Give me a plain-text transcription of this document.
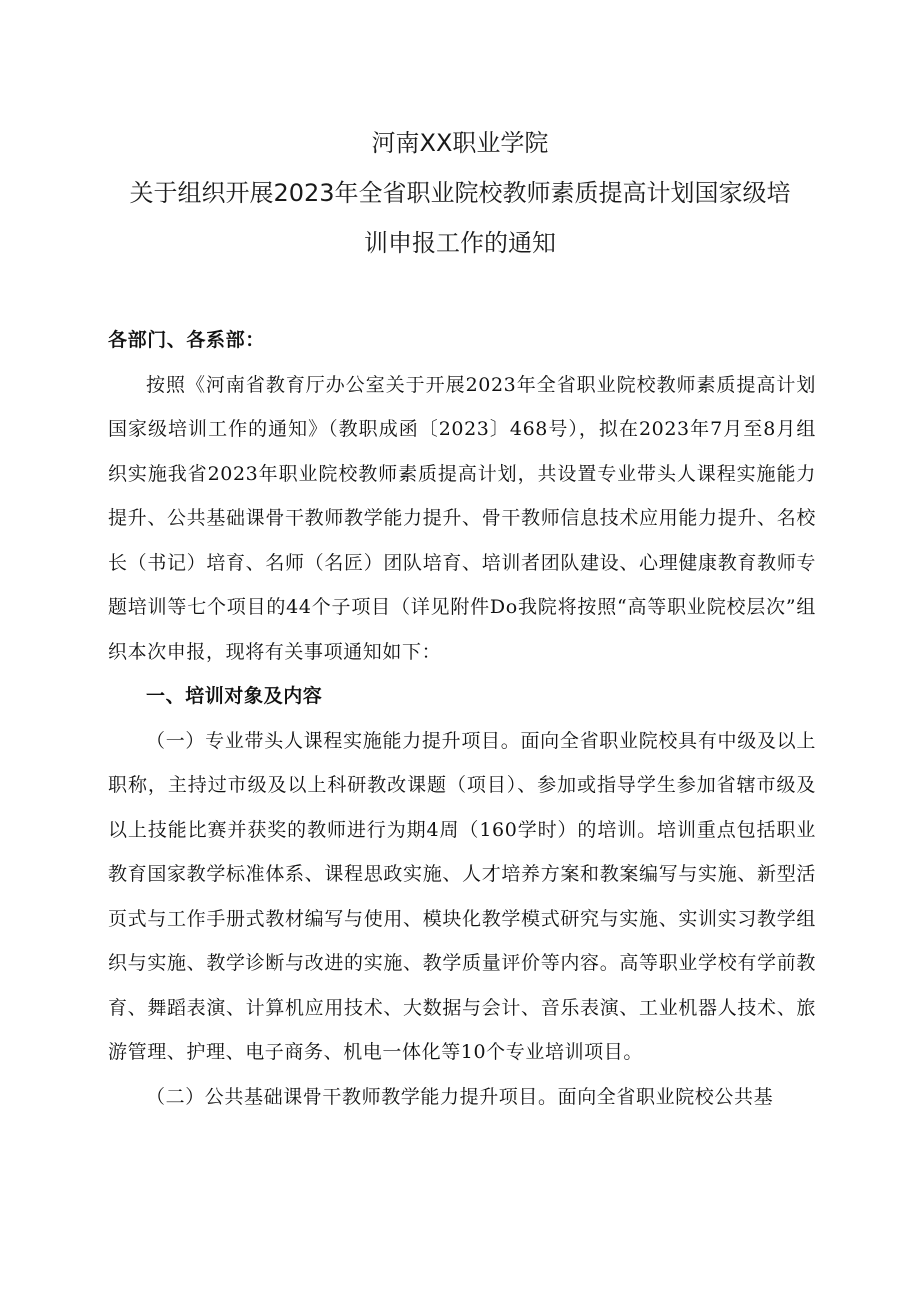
河南XX职业学院
关于组织开展2023年全省职业院校教师素质提高计划国家级培
训申报工作的通知

各部门、各系部：

按照《河南省教育厅办公室关于开展2023年全省职业院校教师素质提高计划国家级培训工作的通知》（教职成函〔2023〕468号），拟在2023年7月至8月组织实施我省2023年职业院校教师素质提高计划，共设置专业带头人课程实施能力提升、公共基础课骨干教师教学能力提升、骨干教师信息技术应用能力提升、名校长（书记）培育、名师（名匠）团队培育、培训者团队建设、心理健康教育教师专题培训等七个项目的44个子项目（详见附件Do我院将按照“高等职业院校层次”组织本次申报，现将有关事项通知如下：

一、培训对象及内容

（一）专业带头人课程实施能力提升项目。面向全省职业院校具有中级及以上职称，主持过市级及以上科研教改课题（项目）、参加或指导学生参加省辖市级及以上技能比赛并获奖的教师进行为期4周（160学时）的培训。培训重点包括职业教育国家教学标准体系、课程思政实施、人才培养方案和教案编写与实施、新型活页式与工作手册式教材编写与使用、模块化教学模式研究与实施、实训实习教学组织与实施、教学诊断与改进的实施、教学质量评价等内容。高等职业学校有学前教育、舞蹈表演、计算机应用技术、大数据与会计、音乐表演、工业机器人技术、旅游管理、护理、电子商务、机电一体化等10个专业培训项目。

（二）公共基础课骨干教师教学能力提升项目。面向全省职业院校公共基
